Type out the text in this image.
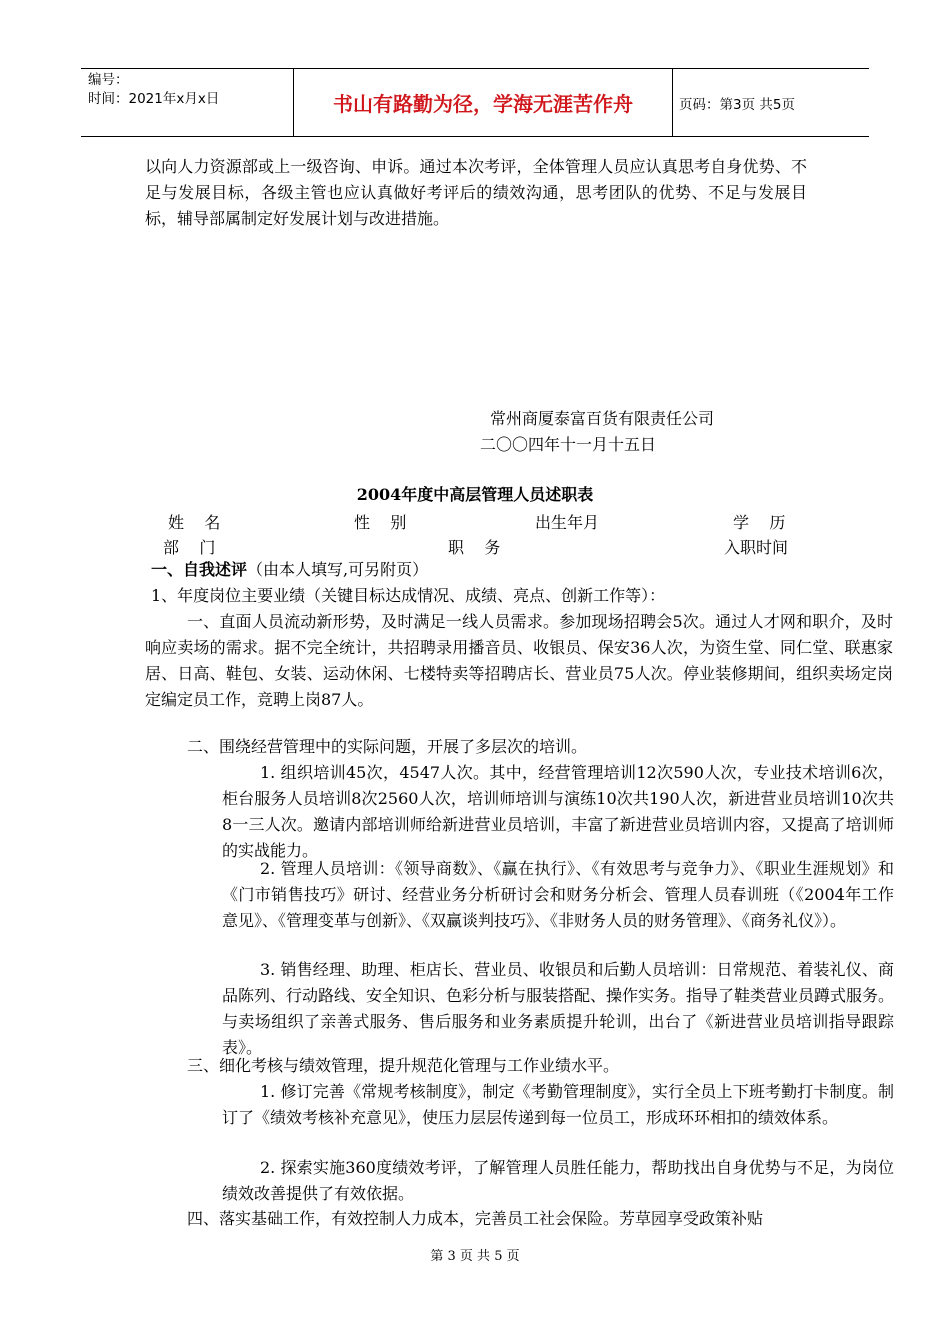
编号：
时间：2021年x月x日	书山有路勤为径，学海无涯苦作舟	页码：第3页 共5页

以向人力资源部或上一级咨询、申诉。通过本次考评，全体管理人员应认真思考自身优势、不足与发展目标，各级主管也应认真做好考评后的绩效沟通，思考团队的优势、不足与发展目标，辅导部属制定好发展计划与改进措施。

常州商厦泰富百货有限责任公司
二〇〇四年十一月十五日
2004年度中高层管理人员述职表
姓    名	性    别	出生年月	学    历
部    门	职    务	入职时间
一、自我述评（由本人填写,可另附页）
1、年度岗位主要业绩（关键目标达成情况、成绩、亮点、创新工作等）：

一、直面人员流动新形势，及时满足一线人员需求。参加现场招聘会5次。通过人才网和职介，及时响应卖场的需求。据不完全统计，共招聘录用播音员、收银员、保安36人次，为资生堂、同仁堂、联惠家居、日高、鞋包、女装、运动休闲、七楼特卖等招聘店长、营业员75人次。停业装修期间，组织卖场定岗定编定员工作，竞聘上岗87人。

二、围绕经营管理中的实际问题，开展了多层次的培训。

1. 组织培训45次，4547人次。其中，经营管理培训12次590人次，专业技术培训6次，柜台服务人员培训8次2560人次，培训师培训与演练10次共190人次，新进营业员培训10次共8一三人次。邀请内部培训师给新进营业员培训，丰富了新进营业员培训内容，又提高了培训师的实战能力。

2. 管理人员培训：《领导商数》、《赢在执行》、《有效思考与竞争力》、《职业生涯规划》和《门市销售技巧》研讨、经营业务分析研讨会和财务分析会、管理人员春训班（《2004年工作意见》、《管理变革与创新》、《双赢谈判技巧》、《非财务人员的财务管理》、《商务礼仪》）。

3. 销售经理、助理、柜店长、营业员、收银员和后勤人员培训：日常规范、着装礼仪、商品陈列、行动路线、安全知识、色彩分析与服装搭配、操作实务。指导了鞋类营业员蹲式服务。与卖场组织了亲善式服务、售后服务和业务素质提升轮训，出台了《新进营业员培训指导跟踪表》。

三、细化考核与绩效管理，提升规范化管理与工作业绩水平。

1. 修订完善《常规考核制度》，制定《考勤管理制度》，实行全员上下班考勤打卡制度。制订了《绩效考核补充意见》，使压力层层传递到每一位员工，形成环环相扣的绩效体系。

2. 探索实施360度绩效考评，了解管理人员胜任能力，帮助找出自身优势与不足，为岗位绩效改善提供了有效依据。

四、落实基础工作，有效控制人力成本，完善员工社会保险。芳草园享受政策补贴
第 3 页 共 5 页
